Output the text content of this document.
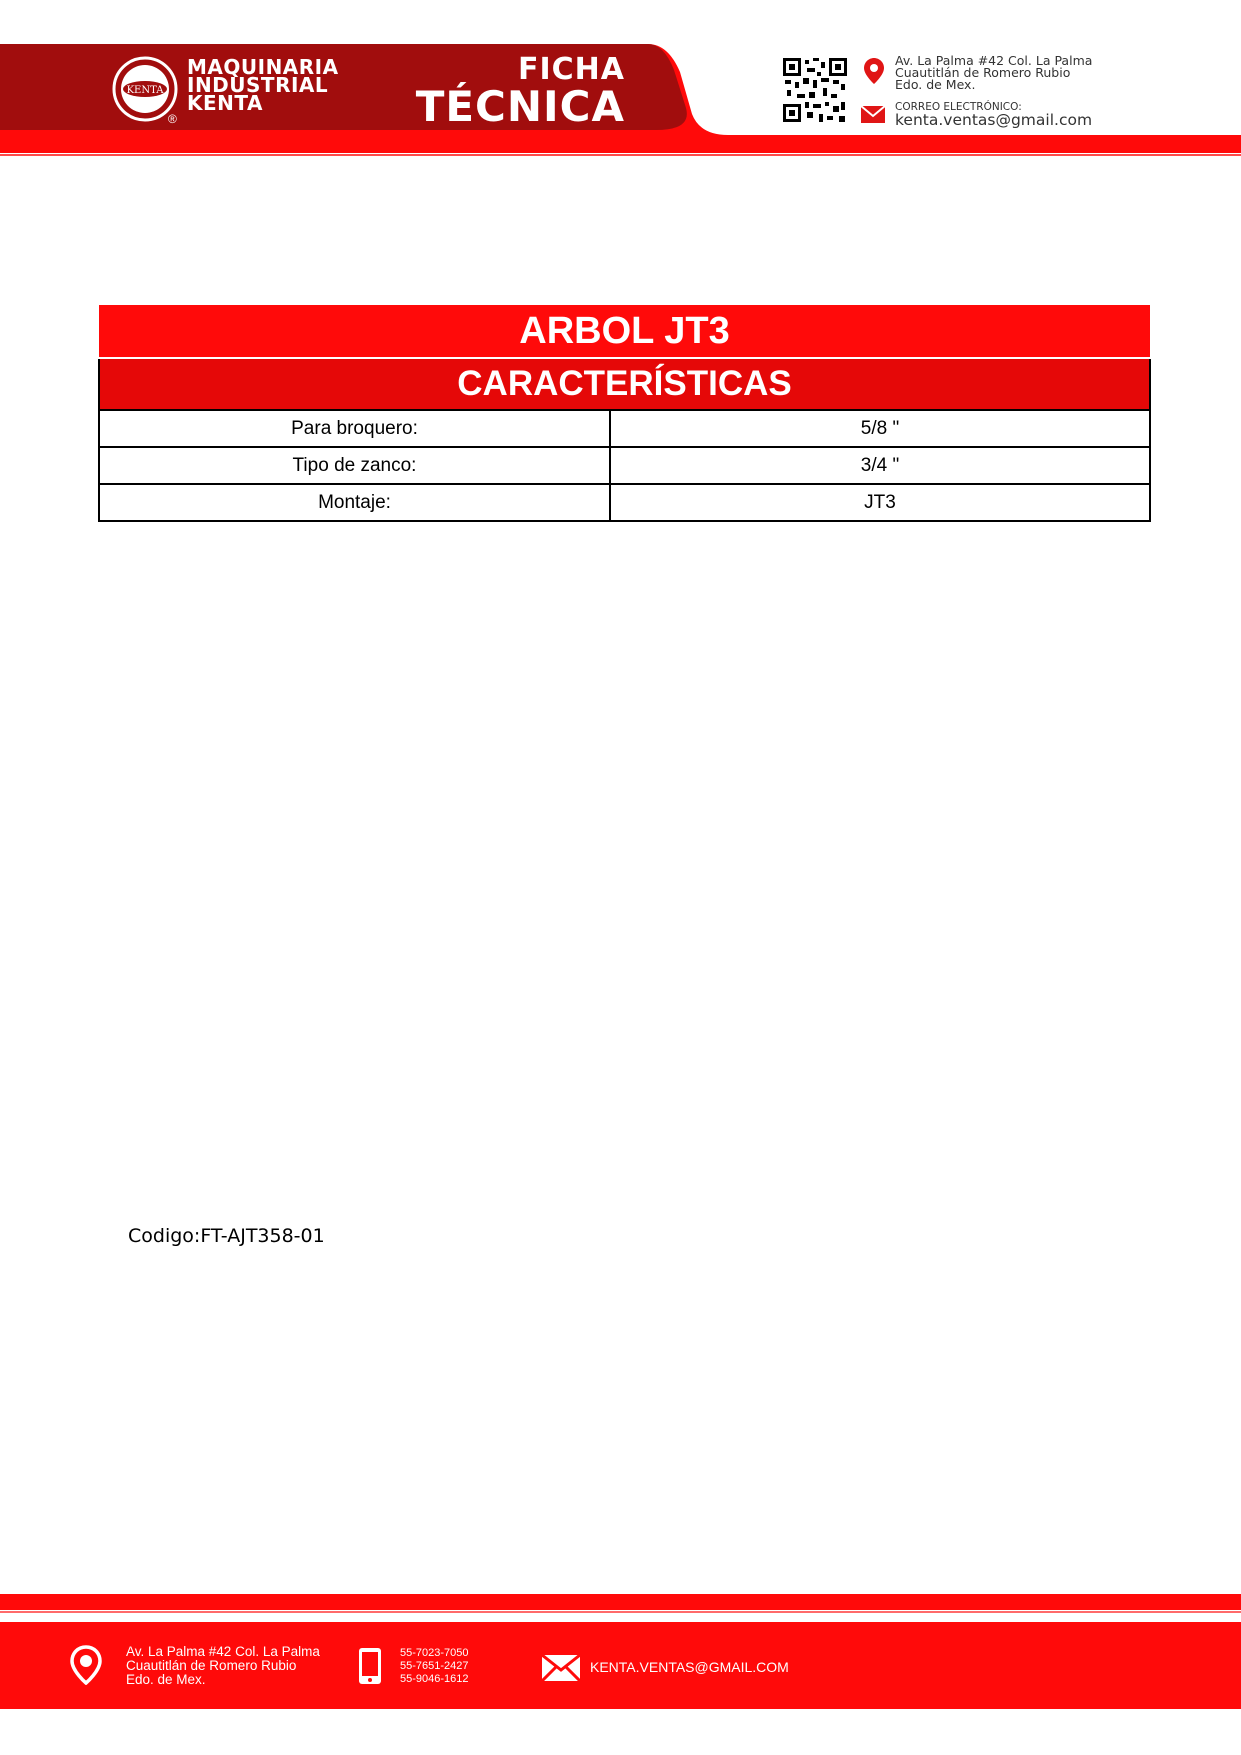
KENTA
®
MAQUINARIA
INDUSTRIAL
KENTA
FICHA
TÉCNICA
Av. La Palma #42 Col. La Palma
Cuautitlán de Romero Rubio
Edo. de Mex.
CORREO ELECTRÓNICO:
kenta.ventas@gmail.com
ARBOL JT3	
CARACTERÍSTICAS	
Para broquero:	5/8 "
Tipo de zanco:	3/4 "
Montaje:	JT3
Codigo:FT-AJT358-01
Av. La Palma #42 Col. La Palma
Cuautitlán de Romero Rubio
Edo. de Mex.
55-7023-7050
55-7651-2427
55-9046-1612
KENTA.VENTAS@GMAIL.COM
